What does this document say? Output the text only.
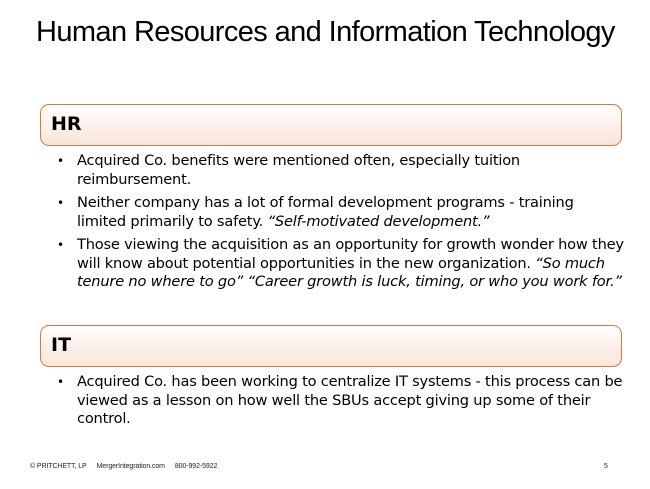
Human Resources and Information Technology
HR
• Acquired Co. benefits were mentioned often, especially tuition reimbursement.
• Neither company has a lot of formal development programs - training limited primarily to safety. “Self-motivated development.”
• Those viewing the acquisition as an opportunity for growth wonder how they will know about potential opportunities in the new organization. “So much tenure no where to go” “Career growth is luck, timing, or who you work for.”
IT
• Acquired Co. has been working to centralize IT systems - this process can be viewed as a lesson on how well the SBUs accept giving up some of their control.
© PRITCHETT, LP MergerIntegration.com 800-992-5922	5
